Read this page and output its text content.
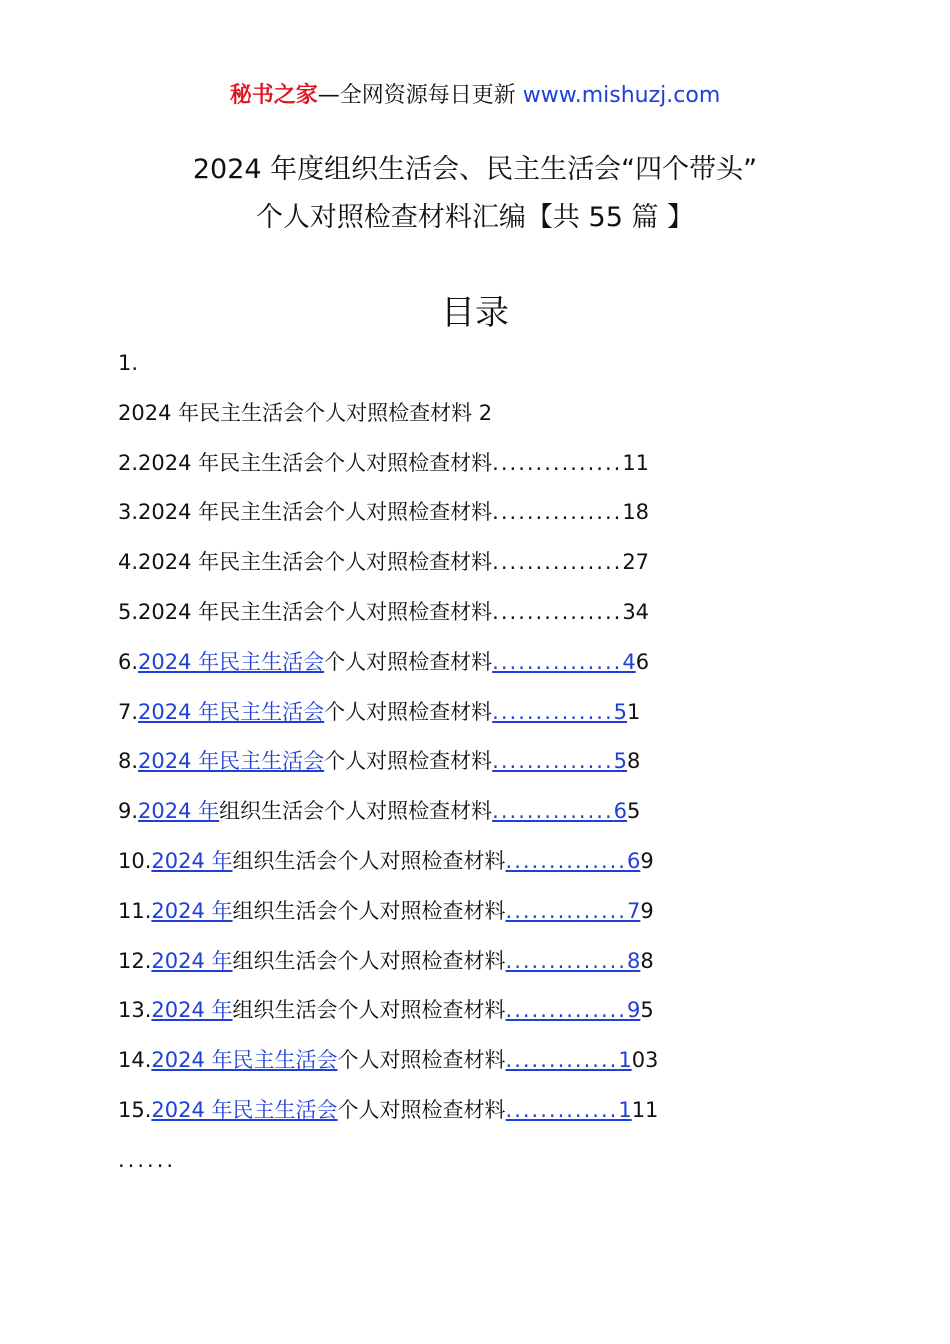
秘书之家—全网资源每日更新 www.mishuzj.com
2024 年度组织生活会、民主生活会“四个带头”
个人对照检查材料汇编【共 55 篇 】
目录
1.
2024 年民主生活会个人对照检查材料 2
2.2024 年民主生活会个人对照检查材料...............11
3.2024 年民主生活会个人对照检查材料...............18
4.2024 年民主生活会个人对照检查材料...............27
5.2024 年民主生活会个人对照检查材料...............34
6.2024 年民主生活会个人对照检查材料...............46
7.2024 年民主生活会个人对照检查材料..............51
8.2024 年民主生活会个人对照检查材料..............58
9.2024 年组织生活会个人对照检查材料..............65
10.2024 年组织生活会个人对照检查材料..............69
11.2024 年组织生活会个人对照检查材料..............79
12.2024 年组织生活会个人对照检查材料..............88
13.2024 年组织生活会个人对照检查材料..............95
14.2024 年民主生活会个人对照检查材料.............103
15.2024 年民主生活会个人对照检查材料.............111
......
